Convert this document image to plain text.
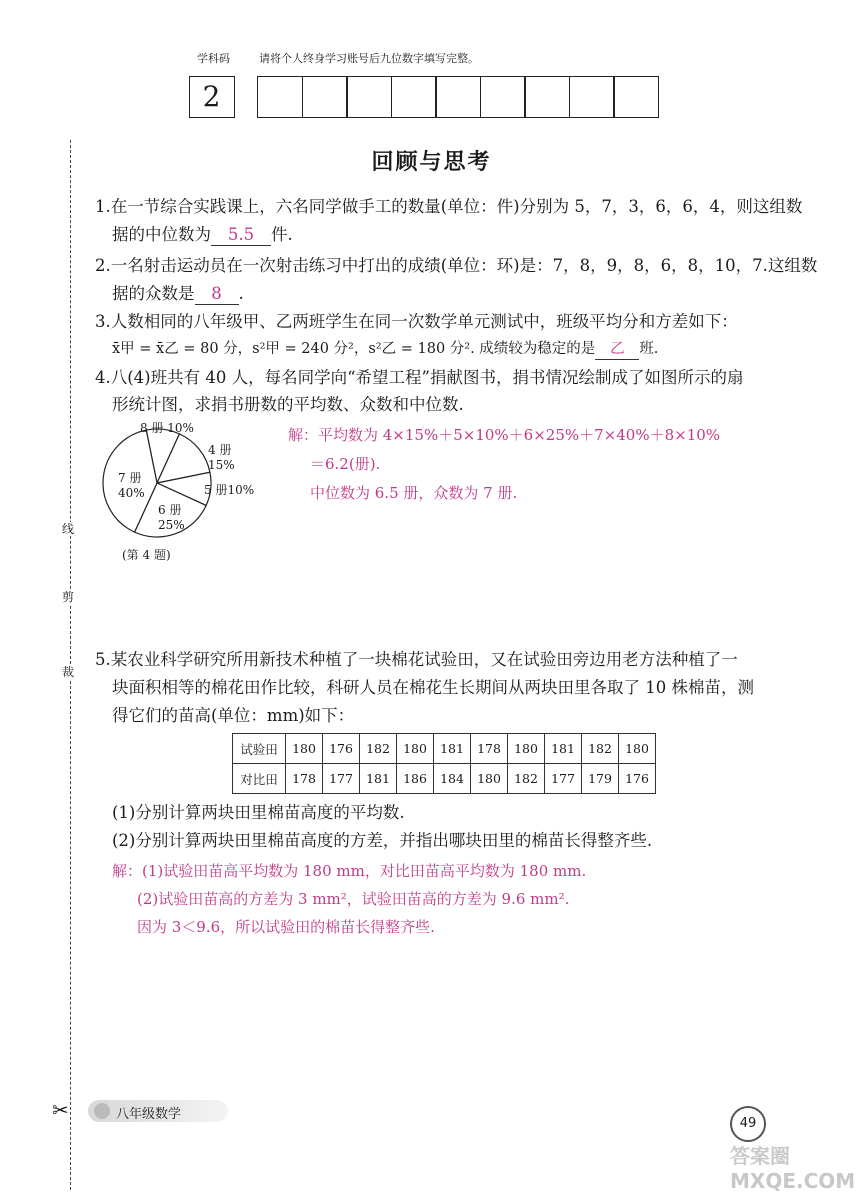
学科码	请将个人终身学习账号后九位数字填写完整。
2
线
剪
裁
回顾与思考
1.在一节综合实践课上，六名同学做手工的数量(单位：件)分别为 5，7，3，6，6，4，则这组数
据的中位数为 5.5 件.
2.一名射击运动员在一次射击练习中打出的成绩(单位：环)是：7，8，9，8，6，8，10，7.这组数
据的众数是 8 .
3.人数相同的八年级甲、乙两班学生在同一次数学单元测试中，班级平均分和方差如下：
x̄甲 = x̄乙 = 80 分，s²甲 = 240 分²，s²乙 = 180 分². 成绩较为稳定的是 乙 班.
4.八(4)班共有 40 人，每名同学向“希望工程”捐献图书，捐书情况绘制成了如图所示的扇
形统计图，求捐书册数的平均数、众数和中位数.
8 册 10%
4 册 15%
5 册10%
6 册 25%
7 册 40%
(第 4 题)
解：平均数为 4×15%＋5×10%＋6×25%＋7×40%＋8×10%
＝6.2(册).
中位数为 6.5 册，众数为 7 册.
5.某农业科学研究所用新技术种植了一块棉花试验田，又在试验田旁边用老方法种植了一
块面积相等的棉花田作比较，科研人员在棉花生长期间从两块田里各取了 10 株棉苗，测
得它们的苗高(单位：mm)如下：
试验田	180	176	182	180	181	178	180	181	182	180
对比田	178	177	181	186	184	180	182	177	179	176
(1)分别计算两块田里棉苗高度的平均数.
(2)分别计算两块田里棉苗高度的方差，并指出哪块田里的棉苗长得整齐些.
解：(1)试验田苗高平均数为 180 mm，对比田苗高平均数为 180 mm.
(2)试验田苗高的方差为 3 mm²，试验田苗高的方差为 9.6 mm².
因为 3＜9.6，所以试验田的棉苗长得整齐些.
✂	八年级数学
49
答案圈 MXQE.COM
